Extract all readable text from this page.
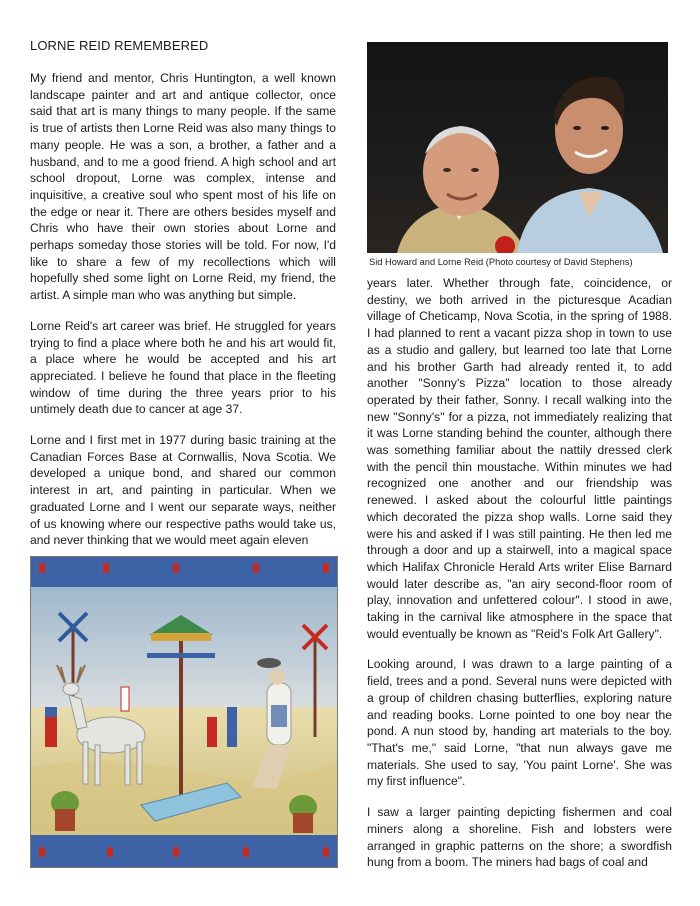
LORNE REID REMEMBERED

My friend and mentor, Chris Huntington, a well known landscape painter and art and antique collector, once said that art is many things to many people. If the same is true of artists then Lorne Reid was also many things to many people. He was a son, a brother, a father and a husband, and to me a good friend. A high school and art school dropout, Lorne was complex, intense and inquisitive, a creative soul who spent most of his life on the edge or near it. There are others besides myself and Chris who have their own stories about Lorne and perhaps someday those stories will be told. For now, I'd like to share a few of my recollections which will hopefully shed some light on Lorne Reid, my friend, the artist. A simple man who was anything but simple.

Lorne Reid's art career was brief. He struggled for years trying to find a place where both he and his art would fit, a place where he would be accepted and his art appreciated. I believe he found that place in the fleeting window of time during the three years prior to his untimely death due to cancer at age 37.

Lorne and I first met in 1977 during basic training at the Canadian Forces Base at Cornwallis, Nova Scotia. We developed a unique bond, and shared our common interest in art, and painting in particular. When we graduated Lorne and I went our separate ways, neither of us knowing where our respective paths would take us, and never thinking that we would meet again eleven

Sid Howard and Lorne Reid (Photo courtesy of David Stephens)

years later. Whether through fate, coincidence, or destiny, we both arrived in the picturesque Acadian village of Cheticamp, Nova Scotia, in the spring of 1988. I had planned to rent a vacant pizza shop in town to use as a studio and gallery, but learned too late that Lorne and his brother Garth had already rented it, to add another "Sonny's Pizza" location to those already operated by their father, Sonny. I recall walking into the new "Sonny's" for a pizza, not immediately realizing that it was Lorne standing behind the counter, although there was something familiar about the nattily dressed clerk with the pencil thin moustache. Within minutes we had recognized one another and our friendship was renewed. I asked about the colourful little paintings which decorated the pizza shop walls. Lorne said they were his and asked if I was still painting. He then led me through a door and up a stairwell, into a magical space which Halifax Chronicle Herald Arts writer Elise Barnard would later describe as, "an airy second-floor room of play, innovation and unfettered colour". I stood in awe, taking in the carnival like atmosphere in the space that would eventually be known as "Reid's Folk Art Gallery".

Looking around, I was drawn to a large painting of a field, trees and a pond. Several nuns were depicted with a group of children chasing butterflies, exploring nature and reading books. Lorne pointed to one boy near the pond. A nun stood by, handing art materials to the boy. "That's me," said Lorne, "that nun always gave me materials. She used to say, 'You paint Lorne'. She was my first influence".

I saw a larger painting depicting fishermen and coal miners along a shoreline. Fish and lobsters were arranged in graphic patterns on the shore; a swordfish hung from a boom. The miners had bags of coal and
